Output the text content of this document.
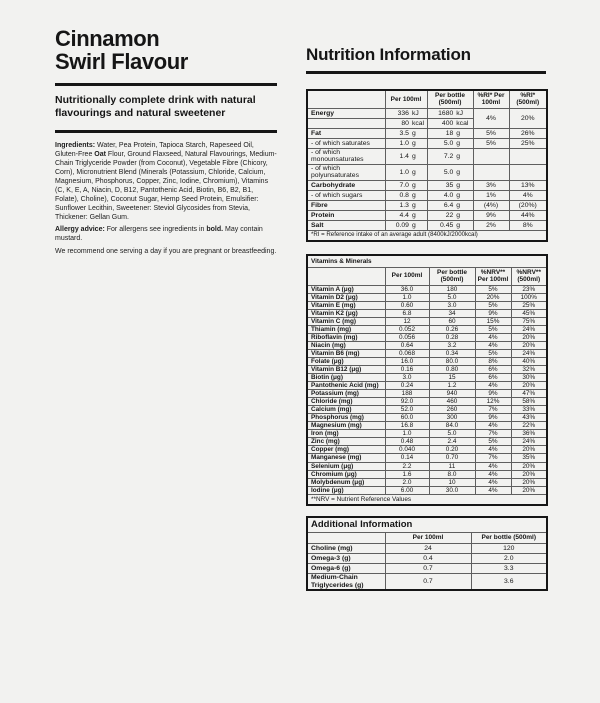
Cinnamon
Swirl Flavour
Nutritionally complete drink with natural flavourings and natural sweetener

Ingredients: Water, Pea Protein, Tapioca Starch, Rapeseed Oil, Gluten-Free Oat Flour, Ground Flaxseed, Natural Flavourings, Medium-Chain Triglyceride Powder (from Coconut), Vegetable Fibre (Chicory, Corn), Micronutrient Blend (Minerals (Potassium, Chloride, Calcium, Magnesium, Phosphorus, Copper, Zinc, Iodine, Chromium), Vitamins (C, K, E, A, Niacin, D, B12, Pantothenic Acid, Biotin, B6, B2, B1, Folate), Choline), Coconut Sugar, Hemp Seed Protein, Emulsifier: Sunflower Lecithin, Sweetener: Steviol Glycosides from Stevia, Thickener: Gellan Gum.

Allergy advice: For allergens see ingredients in bold. May contain mustard.

We recommend one serving a day if you are pregnant or breastfeeding.

Nutrition Information
	Per 100ml	Per bottle (500ml)	%RI* Per 100ml	%RI* (500ml)
Energy	336 kJ	1680 kJ	4%	20%
	80 kcal	400 kcal		
Fat	3.5 g	18 g	5%	26%
- of which saturates	1.0 g	5.0 g	5%	25%
- of which monounsaturates	1.4 g	7.2 g		
- of which polyunsaturates	1.0 g	5.0 g		
Carbohydrate	7.0 g	35 g	3%	13%
- of which sugars	0.8 g	4.0 g	1%	4%
Fibre	1.3 g	6.4 g	(4%)	(20%)
Protein	4.4 g	22 g	9%	44%
Salt	0.09 g	0.45 g	2%	8%
*RI = Reference intake of an average adult (8400kJ/2000kcal)				
Vitamins & Minerals				
	Per 100ml	Per bottle (500ml)	%NRV** Per 100ml	%NRV** (500ml)
Vitamin A (μg)	36.0	180	5%	23%
Vitamin D2 (μg)	1.0	5.0	20%	100%
Vitamin E (mg)	0.60	3.0	5%	25%
Vitamin K2 (μg)	6.8	34	9%	45%
Vitamin C (mg)	12	60	15%	75%
Thiamin (mg)	0.052	0.26	5%	24%
Riboflavin (mg)	0.056	0.28	4%	20%
Niacin (mg)	0.64	3.2	4%	20%
Vitamin B6 (mg)	0.068	0.34	5%	24%
Folate (μg)	16.0	80.0	8%	40%
Vitamin B12 (μg)	0.16	0.80	6%	32%
Biotin (μg)	3.0	15	6%	30%
Pantothenic Acid (mg)	0.24	1.2	4%	20%
Potassium (mg)	188	940	9%	47%
Chloride (mg)	92.0	460	12%	58%
Calcium (mg)	52.0	260	7%	33%
Phosphorus (mg)	60.0	300	9%	43%
Magnesium (mg)	16.8	84.0	4%	22%
Iron (mg)	1.0	5.0	7%	36%
Zinc (mg)	0.48	2.4	5%	24%
Copper (mg)	0.040	0.20	4%	20%
Manganese (mg)	0.14	0.70	7%	35%
Selenium (μg)	2.2	11	4%	20%
Chromium (μg)	1.6	8.0	4%	20%
Molybdenum (μg)	2.0	10	4%	20%
Iodine (μg)	6.00	30.0	4%	20%
**NRV = Nutrient Reference Values				
Additional Information		
	Per 100ml	Per bottle (500ml)
Choline (mg)	24	120
Omega-3 (g)	0.4	2.0
Omega-6 (g)	0.7	3.3
Medium-Chain Triglycerides (g)	0.7	3.6
